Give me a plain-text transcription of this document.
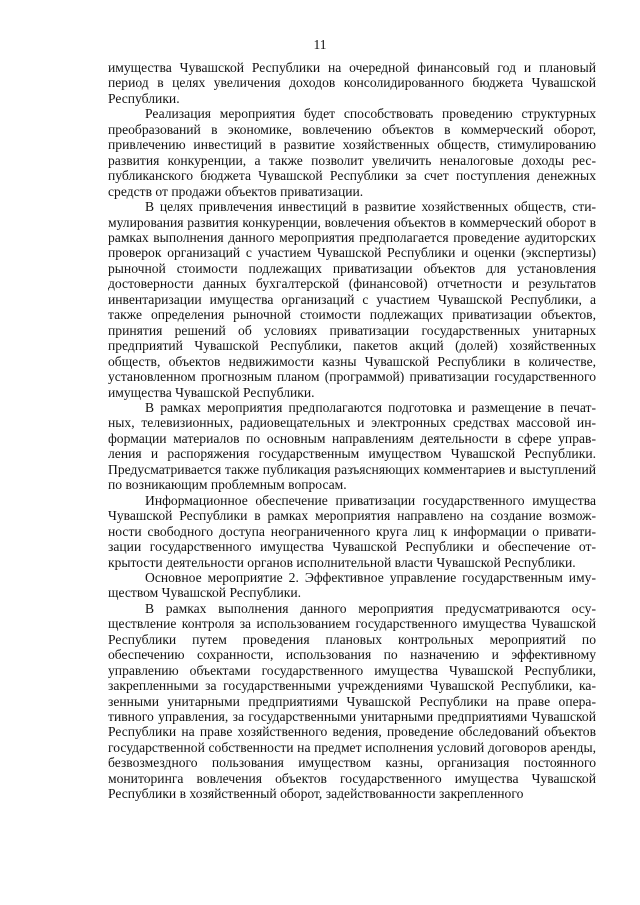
11

имущества Чувашской Республики на очередной финансовый год и плановый период в целях увеличения доходов консолидированного бюджета Чувашской Республики.

Реализация мероприятия будет способствовать проведению структурных преобразований в экономике, вовлечению объектов в коммерческий оборот, привлечению инвестиций в развитие хозяйственных обществ, стимулированию развития конкуренции, а также позволит увеличить неналоговые доходы республиканского бюджета Чувашской Республики за счет поступления денежных средств от продажи объектов приватизации.

В целях привлечения инвестиций в развитие хозяйственных обществ, стимулирования развития конкуренции, вовлечения объектов в коммерческий оборот в рамках выполнения данного мероприятия предполагается проведение аудиторских проверок организаций с участием Чувашской Республики и оценки (экспертизы) рыночной стоимости подлежащих приватизации объектов для установления достоверности данных бухгалтерской (финансовой) отчетности и результатов инвентаризации имущества организаций с участием Чувашской Республики, а также определения рыночной стоимости подлежащих приватизации объектов, принятия решений об условиях приватизации государственных унитарных предприятий Чувашской Республики, пакетов акций (долей) хозяйственных обществ, объектов недвижимости казны Чувашской Республики в количестве, установленном прогнозным планом (программой) приватизации государственного имущества Чувашской Республики.

В рамках мероприятия предполагаются подготовка и размещение в печатных, телевизионных, радиовещательных и электронных средствах массовой информации материалов по основным направлениям деятельности в сфере управления и распоряжения государственным имуществом Чувашской Республики. Предусматривается также публикация разъясняющих комментариев и выступлений по возникающим проблемным вопросам.

Информационное обеспечение приватизации государственного имущества Чувашской Республики в рамках мероприятия направлено на создание возможности свободного доступа неограниченного круга лиц к информации о приватизации государственного имущества Чувашской Республики и обеспечение открытости деятельности органов исполнительной власти Чувашской Республики.

Основное мероприятие 2. Эффективное управление государственным имуществом Чувашской Республики.

В рамках выполнения данного мероприятия предусматриваются осуществление контроля за использованием государственного имущества Чувашской Республики путем проведения плановых контрольных мероприятий по обеспечению сохранности, использования по назначению и эффективному управлению объектами государственного имущества Чувашской Республики, закрепленными за государственными учреждениями Чувашской Республики, казенными унитарными предприятиями Чувашской Республики на праве оперативного управления, за государственными унитарными предприятиями Чувашской Республики на праве хозяйственного ведения, проведение обследований объектов государственной собственности на предмет исполнения условий договоров аренды, безвозмездного пользования имуществом казны, организация постоянного мониторинга вовлечения объектов государственного имущества Чувашской Республики в хозяйственный оборот, задействованности закрепленного
